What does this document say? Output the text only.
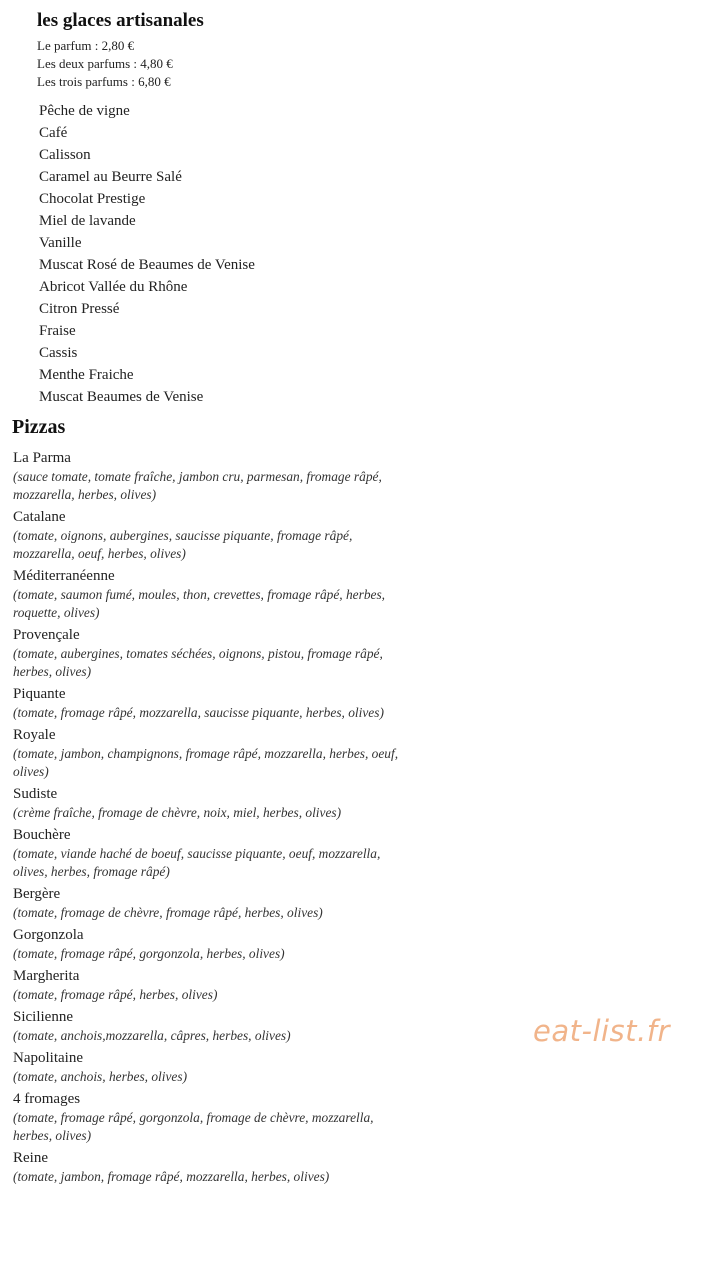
les glaces artisanales
Le parfum : 2,80 €
Les deux parfums : 4,80 €
Les trois parfums : 6,80 €
Pêche de vigne
Café
Calisson
Caramel au Beurre Salé
Chocolat Prestige
Miel de lavande
Vanille
Muscat Rosé de Beaumes de Venise
Abricot Vallée du Rhône
Citron Pressé
Fraise
Cassis
Menthe Fraiche
Muscat Beaumes de Venise
Pizzas
La Parma
(sauce tomate, tomate fraîche, jambon cru, parmesan, fromage râpé, mozzarella, herbes, olives)
Catalane
(tomate, oignons, aubergines, saucisse piquante, fromage râpé, mozzarella, oeuf, herbes, olives)
Méditerranéenne
(tomate, saumon fumé, moules, thon, crevettes, fromage râpé, herbes, roquette, olives)
Provençale
(tomate, aubergines, tomates séchées, oignons, pistou, fromage râpé, herbes, olives)
Piquante
(tomate, fromage râpé, mozzarella, saucisse piquante, herbes, olives)
Royale
(tomate, jambon, champignons, fromage râpé, mozzarella, herbes, oeuf, olives)
Sudiste
(crème fraîche, fromage de chèvre, noix, miel, herbes, olives)
Bouchère
(tomate, viande haché de boeuf, saucisse piquante, oeuf, mozzarella, olives, herbes, fromage râpé)
Bergère
(tomate, fromage de chèvre, fromage râpé, herbes, olives)
Gorgonzola
(tomate, fromage râpé, gorgonzola, herbes, olives)
Margherita
(tomate, fromage râpé, herbes, olives)
Sicilienne
(tomate, anchois,mozzarella, câpres, herbes, olives)
Napolitaine
(tomate, anchois, herbes, olives)
4 fromages
(tomate, fromage râpé, gorgonzola, fromage de chèvre, mozzarella, herbes, olives)
Reine
(tomate, jambon, fromage râpé, mozzarella, herbes, olives)
eat-list.fr
